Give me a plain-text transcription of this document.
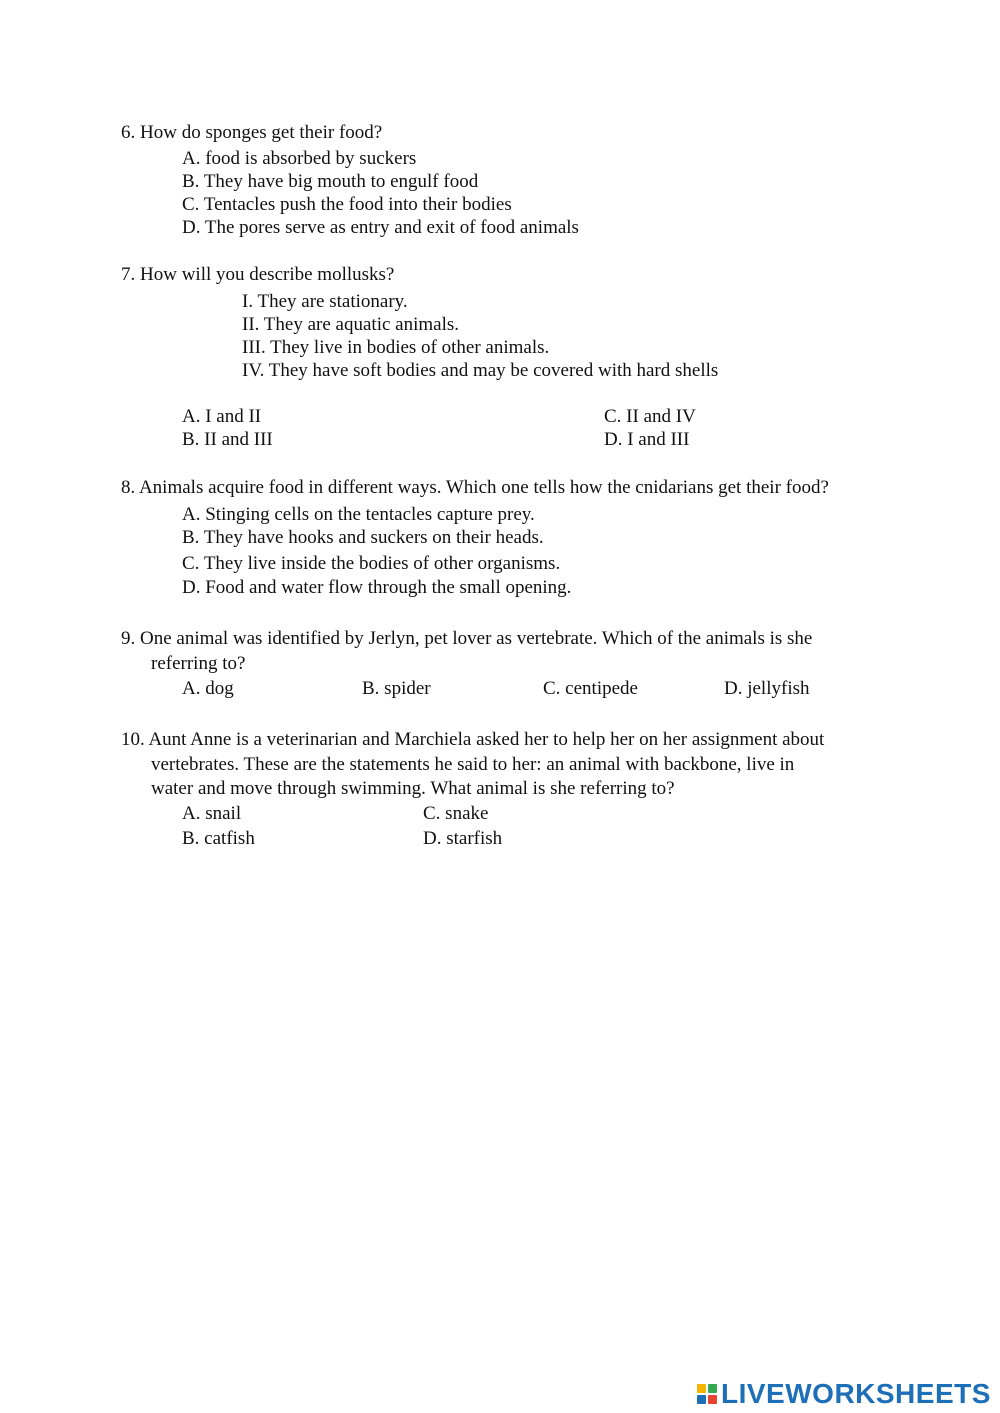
6. How do sponges get their food?
A. food is absorbed by suckers
B. They have big mouth to engulf food
C. Tentacles push the food into their bodies
D. The pores serve as entry and exit of food animals
7. How will you describe mollusks?
I. They are stationary.
II. They are aquatic animals.
III. They live in bodies of other animals.
IV. They have soft bodies and may be covered with hard shells
A. I and II
B. II and III
C. II and IV
D. I and III
8. Animals acquire food in different ways. Which one tells how the cnidarians get their food?
A. Stinging cells on the tentacles capture prey.
B. They have hooks and suckers on their heads.
C. They live inside the bodies of other organisms.
D. Food and water flow through the small opening.
9. One animal was identified by Jerlyn, pet lover as vertebrate. Which of the animals is she
referring to?
A. dog	B. spider	C. centipede	D. jellyfish
10. Aunt Anne is a veterinarian and Marchiela asked her to help her on her assignment about
vertebrates. These are the statements he said to her: an animal with backbone, live in
water and move through swimming. What animal is she referring to?
A. snail
B. catfish
C. snake
D. starfish
LIVEWORKSHEETS
